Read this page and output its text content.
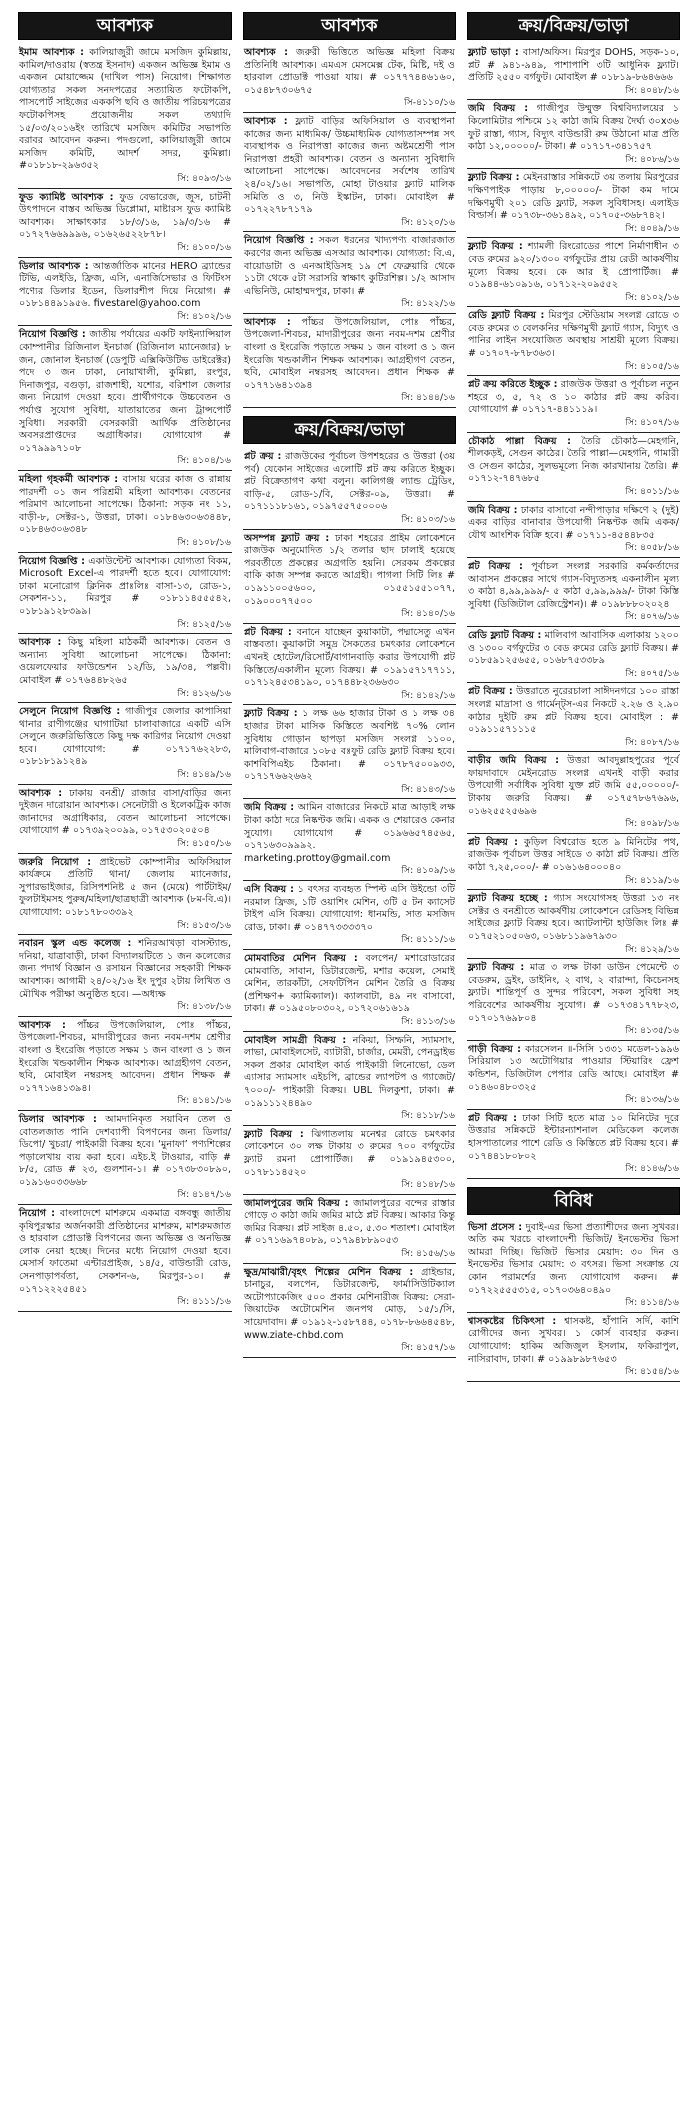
আবশ্যক
ইমাম আবশ্যক : কালিয়াজুরী জামে মসজিদ কুমিল্লায়, কামিল/দাওরায় (স্বতন্ত্র ইসনাদ) একজন অভিজ্ঞ ইমাম ও একজন মোয়াজ্জেম (দাখিল পাস) নিয়োগ। শিক্ষাগত যোগ্যতার সকল সনদপত্রের সত্যায়িত ফটোকপি, পাসপোর্ট সাইজের এককপি ছবি ও জাতীয় পরিচয়পত্রের ফটোকপিসহ প্রয়োজনীয় সকল তথ্যাদি ১৫/০৩/২০১৬ইং তারিখে মসজিদ কমিটির সভাপতি বরাবর আবেদন করুন। পদগুলো, কালিয়াজুরী জামে মসজিদ কমিটি, আদর্শ সদর, কুমিল্লা। #০১৮১৮-২৯৬৩৫২
সি: ৪০৯৩/১৬
ফুড ক্যামিষ্ট আবশ্যক : ফুড বেভারেজ, জুস, চাটনী উৎপাদনে বাস্তব অভিজ্ঞ ডিপ্লোমা, মাষ্টারস ফুড ক্যামিষ্ট আবশ্যক। সাক্ষাৎকার ১৮/৩/১৬, ১৯/৩/১৬ # ০১৭২৭৬৬৯৯৯৬, ০১৬২৬৫২২৮৭৮।
সি: ৪১০০/১৬
ডিলার আবশ্যক : আন্তর্জাতিক মানের HERO ব্র্যান্ডের টিভি, এলইডি, ফ্রিজ, এসি, এনার্জিসেভার ও ফিটিংস পণ্যের ডিলার ইডেন, ডিলারশীপ দিয়ে নিয়োগ। # ০১৮১৪৪৯১৯৫৬. fivestarel@yahoo.com
সি: ৪১০২/১৬
নিয়োগ বিজ্ঞপ্তি : জাতীয় পর্যায়ের একটি ফাইন্যান্সিয়াল কোম্পানীর রিজিনাল ইনচার্জ (রিজিনাল ম্যানেজার) ৮ জন, জোনাল ইনচার্জ (ডেপুটি এক্সিকিউটিভ ডাইরেক্টর) পদে ৩ জন ঢাকা, নোয়াখালী, কুমিল্লা, রংপুর, দিনাজপুর, বগুড়া, রাজশাহী, যশোর, বরিশাল জেলার জন্য নিয়োগ দেওয়া হবে। প্রার্থীগণকে উচ্চবেতন ও পর্যাপ্ত সুযোগ সুবিধা, যাতায়াতের জন্য ট্রান্সপোর্ট সুবিধা। সরকারী বেসরকারী আর্থিক প্রতিষ্ঠানের অবসরপ্রাপ্তদের অগ্রাধিকার। যোগাযোগ # ০১৭৯৯৯৭১০৮
সি: ৪১০৪/১৬
মহিলা গৃহকর্মী আবশ্যক : বাসায় ঘরের কাজ ও রান্নায় পারদর্শী ০১ জন পরিশ্রমী মহিলা আবশ্যক। বেতনের পরিমাণ আলোচনা সাপেক্ষে। ঠিকানা: সড়ক নং ১১, বাড়ী-৮, সেক্টর-১, উত্তরা, ঢাকা। ০১৮৪৬৩০৬৩৪৪৮, ০১৮৪৬৩০৬৩৪৮
সি: ৪১০৮/১৬
নিয়োগ বিজ্ঞপ্তি : একাউন্টেন্ট আবশ্যক। যোগ্যতা বিকম, Microsoft Excel-এ পারদর্শী হতে হবে। যোগাযোগ: ঢাকা মনোরোগ ক্লিনিক প্রাঃলিঃ বাসা-১৩, রোড-১, সেকশন-১১, মিরপুর # ০১৮১১৪৫৫৫৪২, ০১৮১৯১২৮৩৯৯।
সি: ৪১২৫/১৬
আবশ্যক : কিছু মহিলা মাঠকর্মী আবশ্যক। বেতন ও অন্যান্য সুবিধা আলোচনা সাপেক্ষে। ঠিকানা: ওয়েলফেয়ার ফাউন্ডেশন ১২/ডি, ১৯/৩৪, পল্লবী। মোবাইল # ০১৭৬৪৪৮২৬৫
সি: ৪১২৬/১৬
সেলুনে নিয়োগ বিজ্ঞপ্তি : গাজীপুর জেলার কাপাসিয়া থানার রাণীগঞ্জের ঘাগাটিয়া চালাবাজারে একটি এসি সেলুনে জরুরিভিত্তিতে কিছু দক্ষ কারিগর নিয়োগ দেওয়া হবে। যোগাযোগ: # ০১৭১৭৬২২৮৩, ০১৮১৮১৯১২৪৯
সি: ৪১৪৯/১৬
আবশ্যক : ঢাকায় বনশ্রী/ রাজার বাসা/বাড়ির জন্য দুইজন দারোয়ান আবশ্যক। সেনেটারী ও ইলেকট্রিক কাজ জানাদের অগ্রাধিকার, বেতন আলোচনা সাপেক্ষে। যোগাযোগ # ০১৭৩৯২০০৯৯, ০১৭৫৩০২০৫০৪
সি: ৪১৫০/১৬
জরুরি নিয়োগ : প্রাইভেট কোম্পানীর অফিসিয়াল কার্যক্রমে প্রতিটি থানা/ জেলায় ম্যানেজার, সুপারভাইজার, রিসিপশনিষ্ট ৫ জন (মেয়ে) পার্টটাইম/ ফুলটাইমসহ পুরুষ/মহিলা/ছাত্রছাত্রী আবশ্যক (৮ম-বি.এ)। যোগাযোগ: ০১৮১৭৮০৩৩৯২
সি: ৪১৫৩/১৬
নবারন স্কুল এন্ড কলেজ : শনিরআখড়া বাসস্ট্যান্ড, দনিয়া, যাত্রাবাড়ী, ঢাকা বিদ্যালয়টিতে ১ জন কলেজের জন্য পদার্থ বিজ্ঞান ও রসায়ন বিজ্ঞানের সহকারী শিক্ষক আবশ্যক। আগামী ২৪/০২/১৬ ইং দুপুর ২টায় লিখিত ও মৌখিক পরীক্ষা অনুষ্ঠিত হবে। —অধ্যক্ষ
সি: ৪১৩৮/১৬
আবশ্যক : পাঁচ্চর উপজেলিয়াল, পোঃ পাঁচ্চর, উপজেলা-শিবচর, মাদারীপুরের জন্য নবম-দশম শ্রেণীর বাংলা ও ইংরেজি পড়াতে সক্ষম ১ জন বাংলা ও ১ জন ইংরেজি খন্ডকালীন শিক্ষক আবশ্যক। আগ্রহীগণ বেতন, ছবি, মোবাইল নম্বরসহ আবেদন। প্রধান শিক্ষক # ০১৭৭১৬৪১৩৯৪।
সি: ৪১৪১/১৬
ডিলার আবশ্যক : আমদানিকৃত সয়াবিন তেল ও বোতলজাত পানি দেশব্যাপী বিপণনের জন্য ডিলার/ ডিপো/ খুচরা/ পাইকারী বিক্রয় হবে। ‘মুনাফা’ পণ্যশিল্পের পড়ালেখায় ব্যয় করা হবে। এইচ.ই টাওয়ার, বাড়ি # ৮/৫, রোড # ২৩, গুলশান-১। # ০১৭৩৮৩০৮৯০, ০১৯১৬০৩৩৬৬৮
সি: ৪১৪৭/১৬
নিয়োগ : বাংলাদেশে মাশরুমে একমাত্র বঙ্গবন্ধু জাতীয় কৃষিপুরস্কার অর্জনকারী প্রতিষ্ঠানের মাশরুম, মাশরুমজাত ও হারবাল প্রোডাক্ট বিপণনের জন্য অভিজ্ঞ ও অনভিজ্ঞ লোক নেয়া হচ্ছে। দিনের মধ্যে নিয়োগ দেওয়া হবে। মেসার্স ফাতেমা এন্টারপ্রাইজ, ১৪/৫, বাউন্ডারী রোড, সেনপাড়াপর্বতা, সেকশন-৬, মিরপুর-১০। # ০১৭১২২২৫৪৫১
সি: ৪১১১/১৬
আবশ্যক
আবশ্যক : জরুরী ভিত্তিতে অভিজ্ঞ মহিলা বিক্রয় প্রতিনিধি আবশ্যক। এমএস মেসমেক্স টেক, মিষ্টি, দই ও হারবাল প্রোডাক্ট পাওয়া যায়। # ০১৭৭৭৪৪৬১৬০, ০১৫৪৮৭৩০৬৭৫
সি-৪১১০/১৬
আবশ্যক : ফ্ল্যাট বাড়ির অফিসিয়াল ও ব্যবস্থাপনা কাজের জন্য মাধ্যমিক/ উচ্চমাধ্যমিক যোগ্যতাসম্পন্ন সৎ ব্যবস্থাপক ও নিরাপত্তা কাজের জন্য অষ্টমশ্রেণী পাস নিরাপত্তা প্রহরী আবশ্যক। বেতন ও অন্যান্য সুবিধাদি আলোচনা সাপেক্ষে। আবেদনের সর্বশেষ তারিখ ২৪/০২/১৬। সভাপতি, মোহা টাওয়ার ফ্ল্যাট মালিক সমিতি ও ৩, নিউ ইস্কাটন, ঢাকা। মোবাইল # ০১৭২২৭৮৭১৭৯
সি: ৪১২০/১৬
নিয়োগ বিজ্ঞপ্তি : সকল ধরনের খাদ্যপণ্য বাজারজাত করণের জন্য অভিজ্ঞ এসআর আবশ্যক। যোগ্যতা: বি.এ, বায়োডাটা ও এনআইডিসহ ১৯ শে ফেব্রুয়ারি থেকে ১১টা থেকে ৫টা সরাসরি স্বাক্ষাৎ কুটিরশিল্প। ১/২ আসাদ এভিনিউ, মোহাম্মদপুর, ঢাকা। #
সি: ৪১২২/১৬
আবশ্যক : পাঁচ্চর উপজেলিয়াল, পোঃ পাঁচ্চর, উপজেলা-শিবচর, মাদারীপুরের জন্য নবম-দশম শ্রেণীর বাংলা ও ইংরেজি পড়াতে সক্ষম ১ জন বাংলা ও ১ জন ইংরেজি খন্ডকালীন শিক্ষক আবশ্যক। আগ্রহীগণ বেতন, ছবি, মোবাইল নম্বরসহ আবেদন। প্রধান শিক্ষক # ০১৭৭১৬৪১৩৯৪
সি: ৪১৪৪/১৬
ক্রয়/বিক্রয়/ভাড়া
প্লট ক্রয় : রাজউকের পূর্বাচল উপশহরের ও উত্তরা (৩য় পর্ব) যেকোন সাইজের এলোটি প্লট ক্রয় করিতে ইচ্ছুক। প্লট বিক্রেতাগণ কথা বলুন। কালিগঞ্জ ল্যান্ড ট্রেডিং, বাড়ি-৫, রোড-১/বি, সেক্টর-০৯, উত্তরা। # ০১৭১১১৮১৬১, ০১৯৭৫৫৭৫০০০৬
সি: ৪১০৩/১৬
অসম্পন্ন ফ্ল্যাট ক্রয় : ঢাকা শহরের প্রাইম লোকেশনে রাজউক অনুমোদিত ১/২ তলার ছাদ ঢালাই হয়েছে পরবর্তীতে প্রকল্পের অগ্রগতি হয়নি। সেরকম প্রকল্পের বাকি কাজ সম্পন্ন করতে আগ্রহী। পাগলা সিটি লিঃ # ০১৯১১০০৫৬০০, ০১৫৫১৫৫১০৭৭, ০১৯০০০৭৭৫০০
সি: ৪১৪০/১৬
প্লট বিক্রয় : বনানে যাচ্ছেন কুয়াকাটা, পদ্মাসেতু এখন বাস্তবতা। কুয়াকাটা সমুদ্র সৈকতের চমৎকার লোকেশনে এখনই হোটেল/রিসোর্ট/বাগানবাড়ি করার উপযোগী প্লট কিস্তিতে/একালীন মূল্যে বিক্রয়। # ০১৯১৫৭১৭৭১১, ০১৭১২৪৫৩৪১৯০, ০১৭৪৪৮২৩৬৬৩০
সি: ৪১৪২/১৬
ফ্ল্যাট বিক্রয় : ১ লক্ষ ৬৬ হাজার টাকা ও ১ লক্ষ ৩৪ হাজার টাকা মাসিক কিস্তিতে অবশিষ্ট ৭০% লোন সুবিধায় গোড়ান ছাপড়া মসজিদ সংলগ্ন ১১০০, মালিবাগ-বাজারে ১০৮৫ বঃফুট রেডি ফ্ল্যাট বিক্রয় হবে। কাশবিপিএইচ ঠিকানা। # ০১৭৮৭৫০০৯৩৩, ০১৭১৭৬৬২৬৬২
সি: ৪১৪৩/১৬
জমি বিক্রয় : আমিন বাজারের নিকটে মাত্র আড়াই লক্ষ টাকা কাঠা দরে নিষ্কণ্টক জমি। একক ও শেয়ারেও কেনার সুযোগ। যোগাযোগ # ০১৯৬৬৫৭৪৫৬৫, ০১৭১৬৩০৯৯৯২. marketing.prottoy@gmail.com
সি: ৪১০৯/১৬
এসি বিক্রয় : ১ বৎসর ব্যবহৃত স্পিল্ট এসি উইন্ডো ৩টি নরমাল ফ্রিজ, ১টি ওয়াশিং মেশিন, ৩টি ৫ টন ক্যাসেট টাইপ এসি বিক্রয়। যোগাযোগ: ধানমন্ডি, সাত মসজিদ রোড, ঢাকা। # ০১৪৭৭৩৩৩৩৭০
সি: ৪১১১/১৬
মোমবাতির মেশিন বিক্রয় : বলপেন/ মশারোডারের মোমবাতি, সাবান, ডিটারজেন্ট, মশার কয়েল, সেমাই মেশিন, তারকাঁটা, সেফটিপিন মেশিন তৈরি ও বিক্রয় (প্রশিক্ষণ+ ক্যামিক্যাল)। ক্যালবাটা, ৪৯ নং বাসাবো, ঢাকা। # ০১৯৫০৮০৩০২, ০১৭২০৬১৬১৯
সি: ৪১১৩/১৬
মোবাইল সামগ্রী বিক্রয় : নকিয়া, সিম্ফনি, স্যামসাং, লাভা, মোবাইলসেট, ব্যাটারী, চার্জার, মেমরী, পেনড্রাইভ সকল প্রকার মোবাইল কার্ড পাইকারী লিনোভো, ডেল এ্যাসার স্যামসাং এইচপি, ব্রান্ডের ল্যাপটপ ও গ্যাজেট/ ৭০০০/- পাইকারী বিক্রয়। UBL দিলকুশা, ঢাকা। # ০১৯১১১২৪৪৯০
সি: ৪১১৮/১৬
ফ্ল্যাট বিক্রয় : ঝিগাতলায় মনেশ্বর রোডে চমৎকার লোকেশনে ৩০ লক্ষ টাকায় ৩ রুমের ৭০০ বর্গফুটের ফ্ল্যাট রমনা প্রোপার্টিজ। # ০১৯১৯৪৫৩০০, ০১৭৮১১৪৫২০
সি: ৪১৪৮/১৬
জামালপুরের জমি বিক্রয় : জামালপুরের বন্দের রাস্তার গোড়ে ৩ কাঠা জমি জমির মাঠে প্লট বিক্রয়। আকার কিন্তু জমির বিক্রয়। প্লট সাইজ ৪.৫০, ৫.৩০ শতাংশ। মোবাইল # ০১৭১৬৯৭৪০৮৯, ০১৭৯৪৮৮৯০৫৩
সি: ৪১৫৬/১৬
ক্ষুদ্র/মাঝারী/বৃহৎ শিল্পের মেশিন বিক্রয় : গ্রাইন্ডার, চানাচুর, বলপেন, ডিটারজেন্ট, ফার্মাসিউটিক্যাল অটোপ্যাকেজিং ৫০০ প্রকার মেশিনারীজ বিক্রয়: সেরা-জিয়াটেক অটোমেশিন জনপথ মোড়, ১৫/১/সি, সায়েদাবাদ। # ০১৯১২-১৫৮৭৪৪, ০১৭৮-৮৬৬৪৫৪৮, www.ziate-chbd.com
সি: ৪১৫৭/১৬
ক্রয়/বিক্রয়/ভাড়া
ফ্ল্যাট ভাড়া : বাসা/অফিস। মিরপুর DOHS, সড়ক-১০, প্লট # ৯৪১-৯৪৯, পাশাপাশি ৩টি আধুনিক ফ্ল্যাট। প্রতিটি ২৫৫০ বর্গফুট। মোবাইল # ০১৮১৯-৮৬৪৬৬৬
সি: ৪০৪৮/১৬
জমি বিক্রয় : গাজীপুর উম্মুক্ত বিশ্ববিদ্যালয়ের ১ কিলোমিটার পশ্চিমে ১২ কাঠা জমি বিক্রয় দৈর্ঘ্য ৩০x৩৬ ফুট রাস্তা, গ্যাস, বিদ্যুৎ বাউন্ডারী রুম উঠানো মাত্র প্রতি কাঠা ১২,০০০০০/- টাকা। # ০১৭১৭-৩৪১৭৫৭
সি: ৪০৮৬/১৬
ফ্ল্যাট বিক্রয় : মেইনরাস্তার সন্নিকটে ৩য় তলায় মিরপুরের দক্ষিণপাইক পাড়ায় ৮,০০০০০/- টাকা কম দামে দক্ষিণমুখী ২০১ রেডি ফ্ল্যাট, সকল সুবিধাসহ। এলাইড বিল্ডার্স। # ০১৭৩৮-৩৬১৪৯২, ০১৭০৫-৩৬৮৭৪২।
সি: ৪০৪৯/১৬
ফ্ল্যাট বিক্রয় : শ্যামলী রিংরোডের পাশে নির্মাণাধীন ৩ বেড রুমের ৯২০/১৩০০ বর্গফুটের প্রায় রেডী আকর্ষণীয় মূল্যে বিক্রয় হবে। কে আর ই প্রোপার্টিজ। # ০১৯৪৪-৬১০৯১৬, ০১৭১২-২০৯৫৫২
সি: ৪১০২/১৬
রেডি ফ্ল্যাট বিক্রয় : মিরপুর স্টেডিয়াম সংলগ্ন রোডে ৩ বেড রুমের ৩ বেলকনির দক্ষিণমুখী ফ্ল্যাট গ্যাস, বিদ্যুৎ ও পানির লাইন সংযোজিত অবস্থায় সাশ্রয়ী মূল্যে বিক্রয়। # ০১৭০৭-৮৭৮৩৬৩।
সি: ৪১০৫/১৬
প্লট ক্রয় করিতে ইচ্ছুক : রাজউক উত্তরা ও পূর্বাচল নতুন শহরে ৩, ৫, ৭২ ও ১০ কাঠার প্লট ক্রয় করিব। যোগাযোগ # ০১৭১৭-৪৪১১১৯।
সি: ৪১০৭/১৬
চৌকাঠ পাল্লা বিক্রয় : তৈরি চৌকাঠ—মেহগনি, শীলকড়ই, সেগুন কাঠের। তৈরি পাল্লা—মেহগনি, গামারী ও সেগুন কাঠের, সুলভমূল্যে নিজ কারখানায় তৈরি। # ০১৭১২-৭৪৭৬৮৫
সি: ৪০১১/১৬
জমি বিক্রয় : ঢাকার বাসাবো নন্দীপাড়ার দক্ষিণে ২ (দুই) একর বাড়ির বানাবার উপযোগী নিষ্কণ্টক জমি একক/যৌথ আংশিক বিক্রি হবে। # ০১৭১১-৪৫৪৪৮৩৫
সি: ৪০৫৮/১৬
প্লট বিক্রয় : পূর্বাচল সংলগ্ন সরকারি কর্মকর্তাদের আবাসন প্রকল্পের সাথে গ্যাস-বিদ্যুতসহ একনালীন মূল্য ৩ কাঠা ৪,৯৯,৯৯৯/- ৫ কাঠা ৫,৯৯,৯৯৯/- টাকা কিস্তি সুবিধা (ডিজিটাল রেজিস্ট্রেশন)। # ০১৯৮৮৮০২০২৪
সি: ৪০৭৬/১৬
রেডি ফ্ল্যাট বিক্রয় : মালিবাগ আবাসিক এলাকায় ১২০০ ও ১৩০০ বর্গফুটের ৩ বেড রুমের রেডি ফ্ল্যাট বিক্রয়। # ০১৮৫৯১২৫৬৫৫, ০১৬৮৭৫৩৩৮৯
সি: ৪০৭৫/১৬
প্লট বিক্রয় : উত্তরাতে নুরেরচালা সাঈদনগরে ১০০ রাস্তা সংলগ্ন মাদ্রাসা ও গার্মেন্ট্স-এর নিকটে ২.২৬ ও ২.৯০ কাঠার দুইটি রুম প্লট বিক্রয় হবে। মোবাইল : # ০১৯১১৫৭১১১৫
সি: ৪০৮৭/১৬
বাড়ীর জমি বিক্রয় : উত্তরা আবদুল্লাহপুরের পূর্বে ফায়দাবাদে মেইনরোড সংলগ্ন এখনই বাড়ী করার উপযোগী সর্বাধিক সুবিধা যুক্ত প্লট জমি ৫৫,০০০০০/- টাকায় জরুরি বিক্রয়। # ০১৭৫৭৮৬৭৬৯৬, ০১৬২৫৫২৫৬৯৬
সি: ৪০৯৮/১৬
প্লট বিক্রয় : কুড়িল বিশ্বরোড হতে ৯ মিনিটের পথ, রাজউক পূর্বাচল উত্তর সাইডে ৩ কাঠা প্লট বিক্রয়। প্রতি কাঠা ৭,২৫,০০০/- # ০১৬১৬৪০০০৪০
সি: ৪১১৯/১৬
ফ্ল্যাট বিক্রয় হচ্ছে : গ্যাস সংযোগসহ উত্তরা ১৩ নং সেক্টর ও বনশ্রীতে আকর্ষণীয় লোকেশনে রেডিসহ বিভিন্ন সাইজের ফ্ল্যাট বিক্রয় হবে। অ্যাটলান্টা হাউজিং লিঃ # ০১৭৫২১০৫০৬৩, ০১৬৮১১৯৬৭৯৩০
সি: ৪১২৯/১৬
ফ্ল্যাট বিক্রয় : মাত্র ৩ লক্ষ টাকা ডাউন পেমেন্টে ৩ বেডরুম, ড্রইং, ডাইনিং, ২ বাথ, ২ বারান্দা, কিচেনসহ ফ্ল্যাট। শান্তিপূর্ণ ও সুন্দর পরিবেশ, সকল সুবিধা সহ পরিবেশের আকর্ষণীয় সুযোগ। # ০১৭৩৪১৭৭৮২৩, ০১৭০১৭৬৯৮০৪
সি: ৪১৩৫/১৬
গাড়ী বিক্রয় : কারসেলন ॥-সিসি ১৩৩১ মডেল-১৯৯৬ সিরিয়াল ১৩ অটোগিয়ার পাওয়ার স্টিয়ারিং ফ্রেশ কন্ডিশন, ডিজিটাল পেপার রেডি আছে। মোবাইল # ০১৪৬০৪৮০৩২৫
সি: ৪১৩৬/১৬
প্লট বিক্রয় : ঢাকা সিটি হতে মাত্র ১০ মিনিটের দূরে উত্তরার সন্নিকটে ইন্টারন্যাশনাল মেডিকেল কলেজ হাসপাতালের পাশে রেডি ও কিস্তিতে প্লট বিক্রয় হবে। # ০১৭৪৪১৮০৮০২
সি: ৪১৪৬/১৬
বিবিধ
ভিসা প্রসেস : দুবাই-এর ভিসা প্রত্যাশীদের জন্য সুখবর। অতি কম খরচে বাংলাদেশী ভিজিট/ ইনভেস্টর ভিসা আমরা দিচ্ছি। ভিজিট ভিসার মেয়াদ: ৩০ দিন ও ইনভেস্টর ভিসার মেয়াদ: ৩ বৎসর। ভিসা সংক্রান্ত যে কোন পরামর্শের জন্য যোগাযোগ করুন। # ০১৭২২৫৫৫৩১৫, ০১৭০৩৬৪০৪৯০
সি: ৪১১৪/১৬
শ্বাসকষ্টের চিকিৎসা : শ্বাসকষ্ট, হাঁপানি সর্দি, কাশি রোগীদের জন্য সুখবর। ১ কোর্স ব্যবহার করুন। যোগাযোগ: হাকিম অজিজুল ইসলাম, ফকিরাপুল, নাসিরাবাদ, ঢাকা। # ০১৯৯৮৯৮৭৬৫৩
সি: ৪১৫৪/১৬
